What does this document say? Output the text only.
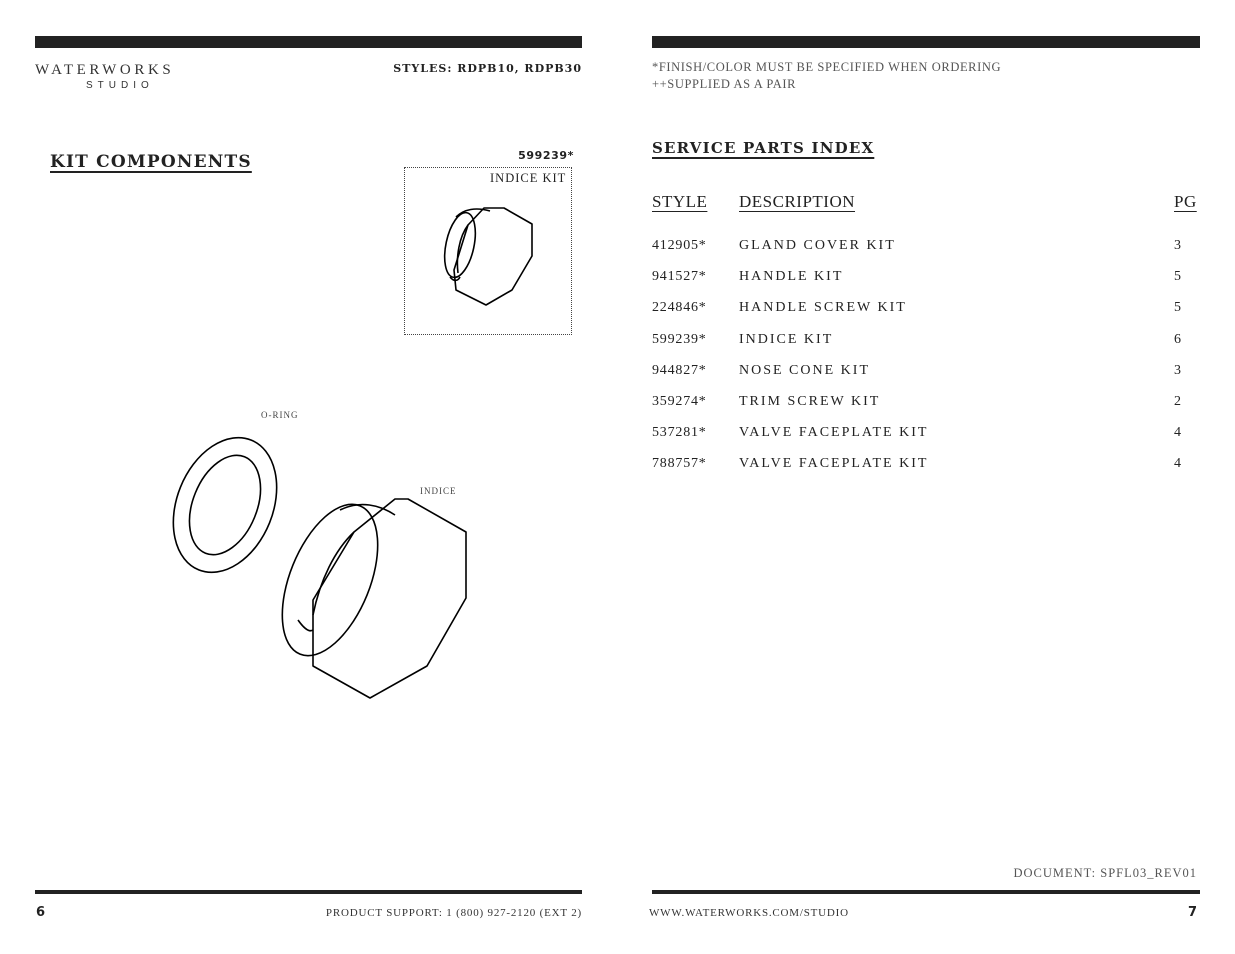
WATERWORKS
STUDIO
STYLES: RDPB10, RDPB30	*FINISH/COLOR MUST BE SPECIFIED WHEN ORDERING
++SUPPLIED AS A PAIR
KIT COMPONENTS
SERVICE PARTS INDEX
599239*
INDICE KIT
O-RING
INDICE
STYLE DESCRIPTION	PG
412905* GLAND COVER KIT	3
941527* HANDLE KIT	5
224846* HANDLE SCREW KIT	5
599239* INDICE KIT	6
944827* NOSE CONE KIT	3
359274* TRIM SCREW KIT	2
537281* VALVE FACEPLATE KIT	4
788757* VALVE FACEPLATE KIT	4
DOCUMENT: SPFL03_REV01
6	PRODUCT SUPPORT: 1 (800) 927-2120 (EXT 2)	WWW.WATERWORKS.COM/STUDIO	7
